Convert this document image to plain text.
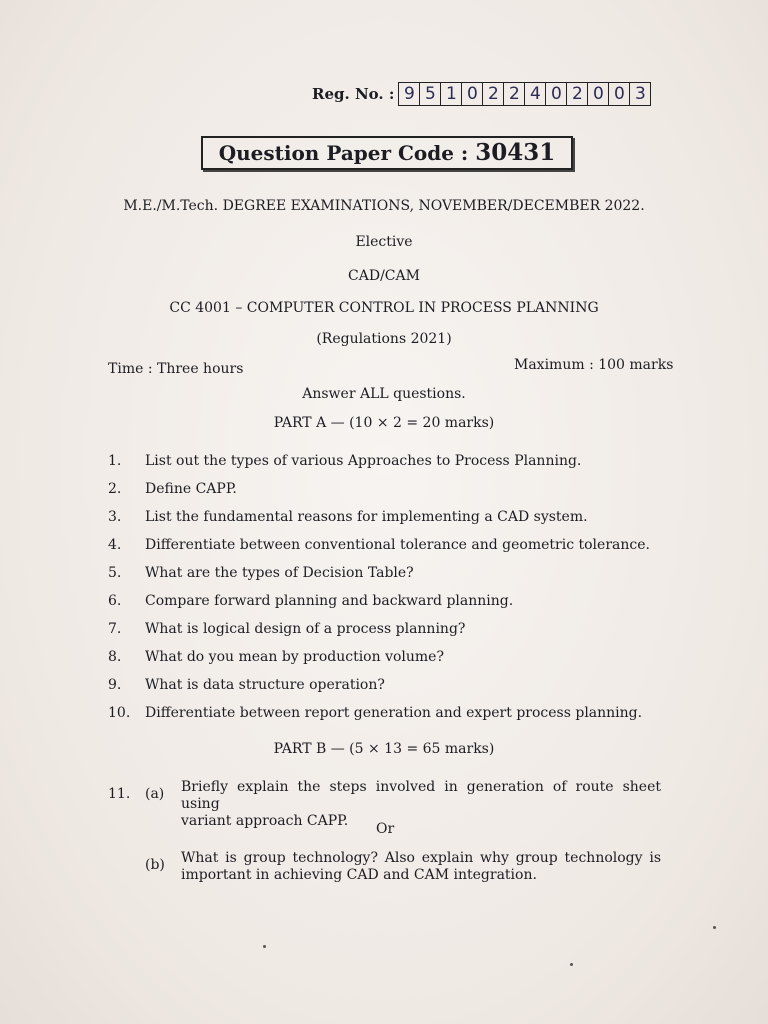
Reg. No. : 9 5 1 0 2 2 4 0 2 0 0 3
Question Paper Code : 30431
M.E./M.Tech. DEGREE EXAMINATIONS, NOVEMBER/DECEMBER 2022.
Elective
CAD/CAM
CC 4001 – COMPUTER CONTROL IN PROCESS PLANNING
(Regulations 2021)
Time : Three hours	Maximum : 100 marks
Answer ALL questions.
PART A — (10 × 2 = 20 marks)
1. List out the types of various Approaches to Process Planning.
2. Define CAPP.
3. List the fundamental reasons for implementing a CAD system.
4. Differentiate between conventional tolerance and geometric tolerance.
5. What are the types of Decision Table?
6. Compare forward planning and backward planning.
7. What is logical design of a process planning?
8. What do you mean by production volume?
9. What is data structure operation?
10. Differentiate between report generation and expert process planning.
PART B — (5 × 13 = 65 marks)
11. (a) Briefly explain the steps involved in generation of route sheet using
variant approach CAPP.	Or
(b) What is group technology? Also explain why group technology is
important in achieving CAD and CAM integration.
